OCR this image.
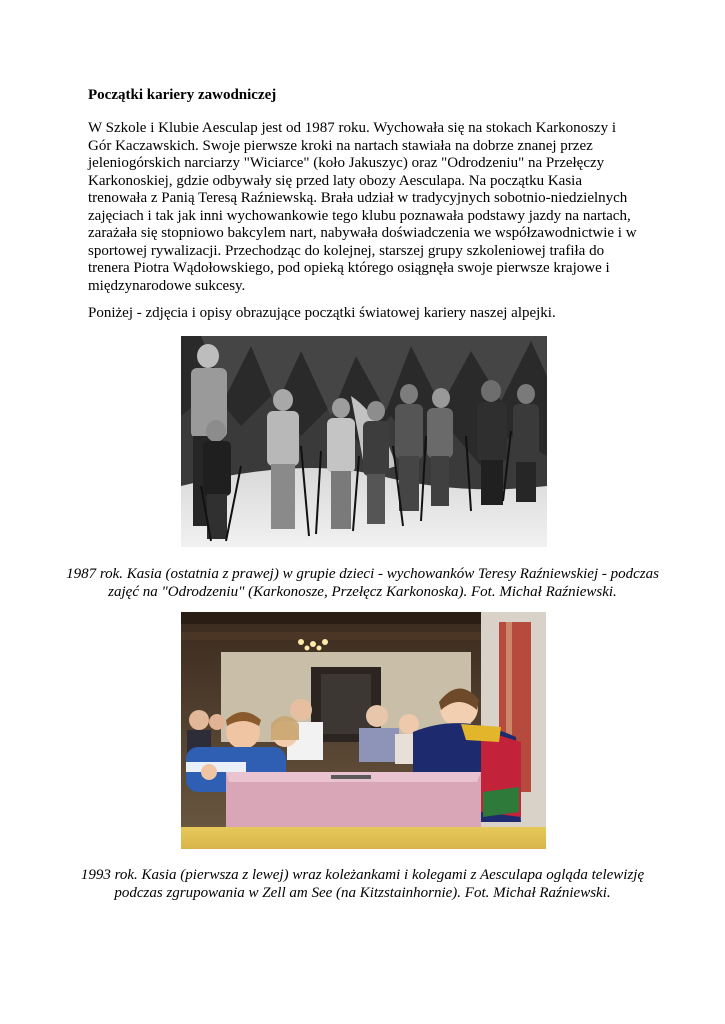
Początki kariery zawodniczej

W Szkole i Klubie Aesculap jest od 1987 roku. Wychowała się na stokach Karkonoszy i Gór Kaczawskich. Swoje pierwsze kroki na nartach stawiała na dobrze znanej przez jeleniogórskich narciarzy "Wiciarce" (koło Jakuszyc) oraz "Odrodzeniu" na Przełęczy Karkonoskiej, gdzie odbywały się przed laty obozy Aesculapa. Na początku Kasia trenowała z Panią Teresą Raźniewską. Brała udział w tradycyjnych sobotnio-niedzielnych zajęciach i tak jak inni wychowankowie tego klubu poznawała podstawy jazdy na nartach, zarażała się stopniowo bakcylem nart, nabywała doświadczenia we współzawodnictwie i w sportowej rywalizacji. Przechodząc do kolejnej, starszej grupy szkoleniowej trafiła do trenera Piotra Wądołowskiego, pod opieką którego osiągnęła swoje pierwsze krajowe i międzynarodowe sukcesy.

Poniżej - zdjęcia i opisy obrazujące początki światowej kariery naszej alpejki.

1987 rok. Kasia (ostatnia z prawej) w grupie dzieci - wychowanków Teresy Raźniewskiej - podczas zajęć na "Odrodzeniu" (Karkonosze, Przełęcz Karkonoska). Fot. Michał Raźniewski.

1993 rok. Kasia (pierwsza z lewej) wraz koleżankami i kolegami z Aesculapa ogląda telewizję podczas zgrupowania w Zell am See (na Kitzstainhornie). Fot. Michał Raźniewski.
